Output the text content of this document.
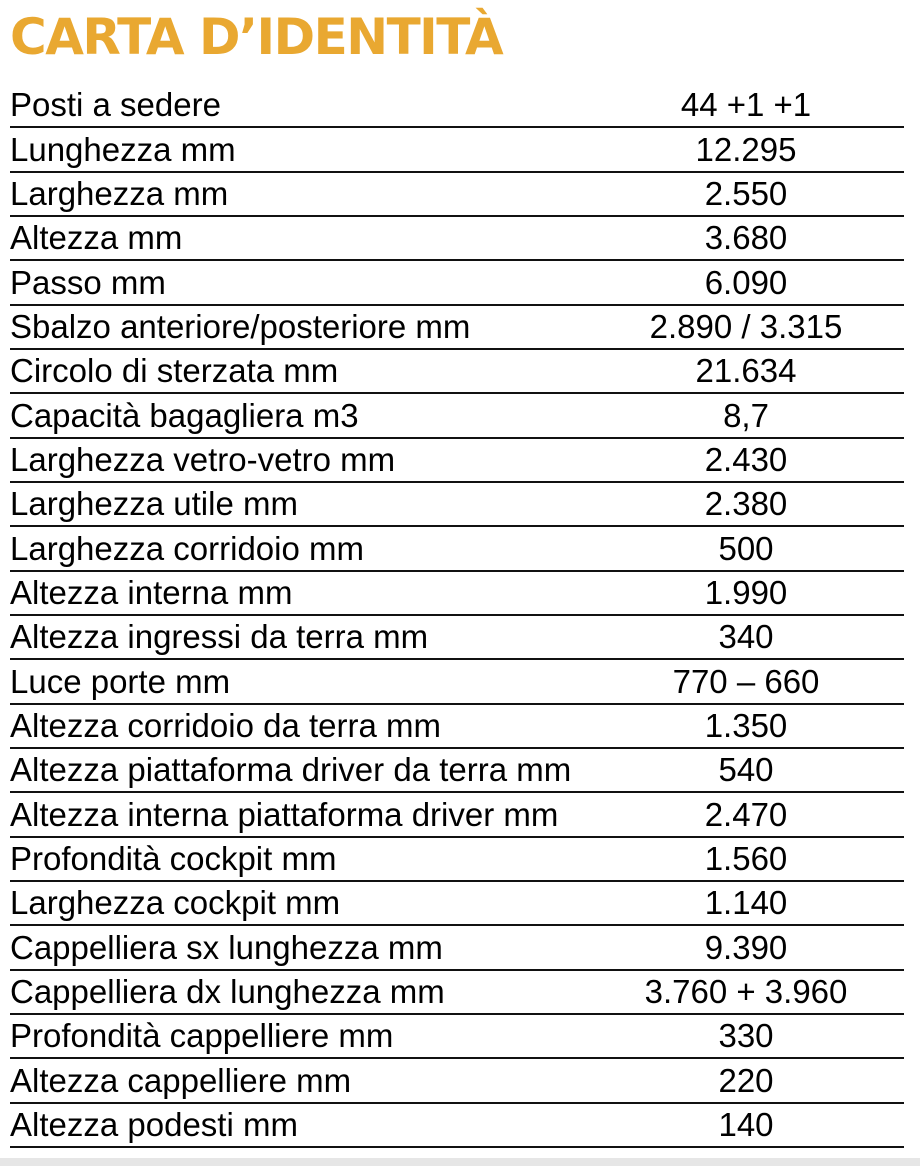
CARTA D’IDENTITÀ
Posti a sedere	44 +1 +1
Lunghezza mm	12.295
Larghezza mm	2.550
Altezza mm	3.680
Passo mm	6.090
Sbalzo anteriore/posteriore mm	2.890 / 3.315
Circolo di sterzata mm	21.634
Capacità bagagliera m3	8,7
Larghezza vetro-vetro mm	2.430
Larghezza utile mm	2.380
Larghezza corridoio mm	500
Altezza interna mm	1.990
Altezza ingressi da terra mm	340
Luce porte mm	770 – 660
Altezza corridoio da terra mm	1.350
Altezza piattaforma driver da terra mm	540
Altezza interna piattaforma driver mm	2.470
Profondità cockpit mm	1.560
Larghezza cockpit mm	1.140
Cappelliera sx lunghezza mm	9.390
Cappelliera dx lunghezza mm	3.760 + 3.960
Profondità cappelliere mm	330
Altezza cappelliere mm	220
Altezza podesti mm	140
